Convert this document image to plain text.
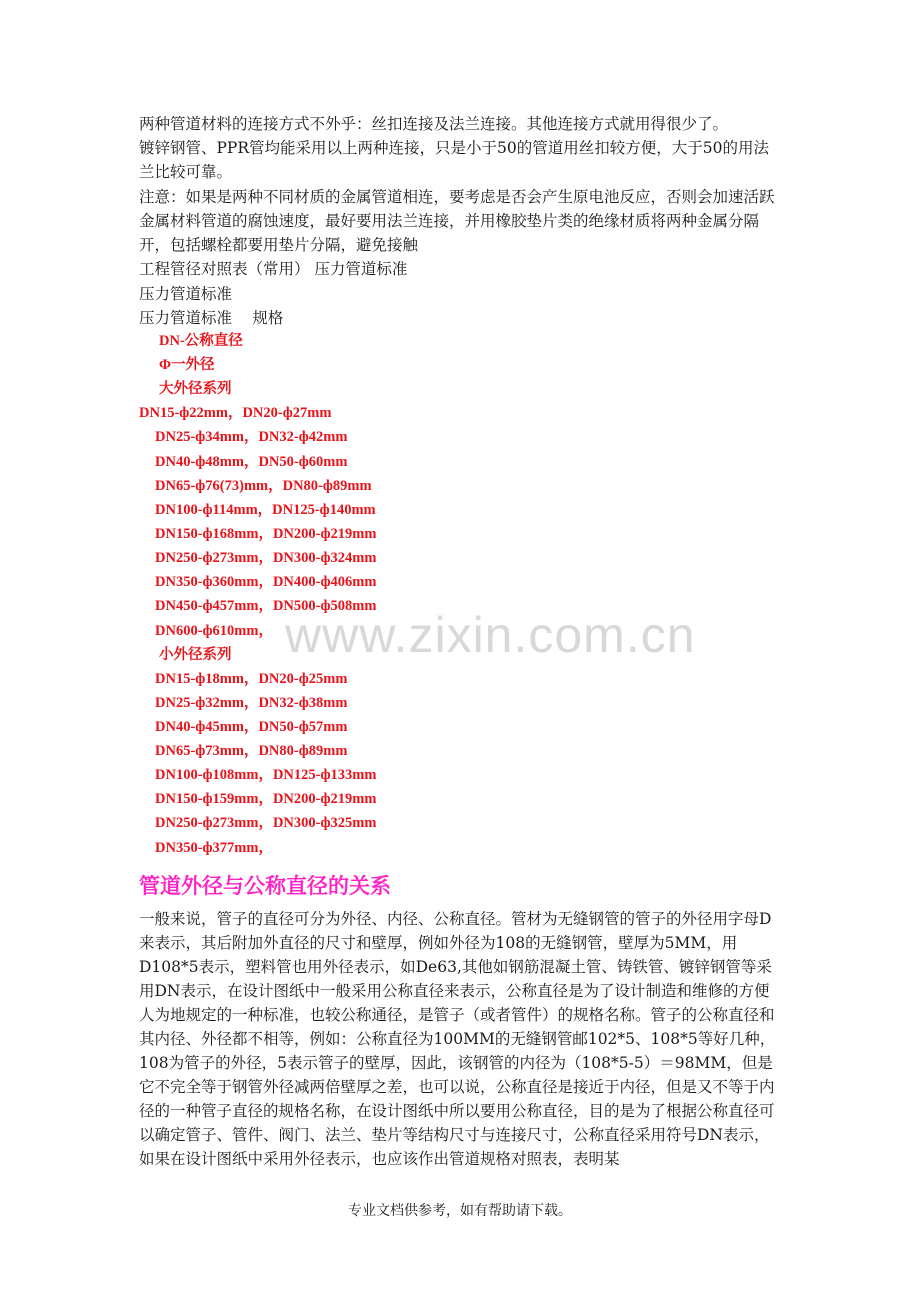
两种管道材料的连接方式不外乎：丝扣连接及法兰连接。其他连接方式就用得很少了。

镀锌钢管、PPR管均能采用以上两种连接，只是小于50的管道用丝扣较方便，大于50的用法兰比较可靠。

注意：如果是两种不同材质的金属管道相连，要考虑是否会产生原电池反应，否则会加速活跃金属材料管道的腐蚀速度，最好要用法兰连接，并用橡胶垫片类的绝缘材质将两种金属分隔开，包括螺栓都要用垫片分隔，避免接触

工程管径对照表（常用） 压力管道标准

压力管道标准

压力管道标准　 规格

DN-公称直径
Φ一外径
大外径系列
DN15-ф22mm，DN20-ф27mm
DN25-ф34mm，DN32-ф42mm
DN40-ф48mm，DN50-ф60mm
DN65-ф76(73)mm，DN80-ф89mm
DN100-ф114mm，DN125-ф140mm
DN150-ф168mm，DN200-ф219mm
DN250-ф273mm，DN300-ф324mm
DN350-ф360mm，DN400-ф406mm
DN450-ф457mm，DN500-ф508mm
DN600-ф610mm， www.zixin.com.cn
小外径系列
DN15-ф18mm，DN20-ф25mm
DN25-ф32mm，DN32-ф38mm
DN40-ф45mm，DN50-ф57mm
DN65-ф73mm，DN80-ф89mm
DN100-ф108mm，DN125-ф133mm
DN150-ф159mm，DN200-ф219mm
DN250-ф273mm，DN300-ф325mm
DN350-ф377mm，
管道外径与公称直径的关系

一般来说，管子的直径可分为外径、内径、公称直径。管材为无缝钢管的管子的外径用字母D来表示，其后附加外直径的尺寸和壁厚，例如外径为108的无缝钢管，壁厚为5MM，用D108*5表示，塑料管也用外径表示，如De63,其他如钢筋混凝土管、铸铁管、镀锌钢管等采用DN表示，在设计图纸中一般采用公称直径来表示，公称直径是为了设计制造和维修的方便人为地规定的一种标准，也较公称通径，是管子（或者管件）的规格名称。管子的公称直径和其内径、外径都不相等，例如：公称直径为100MM的无缝钢管邮102*5、108*5等好几种，108为管子的外径，5表示管子的壁厚，因此，该钢管的内径为（108*5-5）＝98MM，但是它不完全等于钢管外径减两倍壁厚之差，也可以说，公称直径是接近于内径，但是又不等于内径的一种管子直径的规格名称，在设计图纸中所以要用公称直径，目的是为了根据公称直径可以确定管子、管件、阀门、法兰、垫片等结构尺寸与连接尺寸，公称直径采用符号DN表示，如果在设计图纸中采用外径表示，也应该作出管道规格对照表，表明某

专业文档供参考，如有帮助请下载。
